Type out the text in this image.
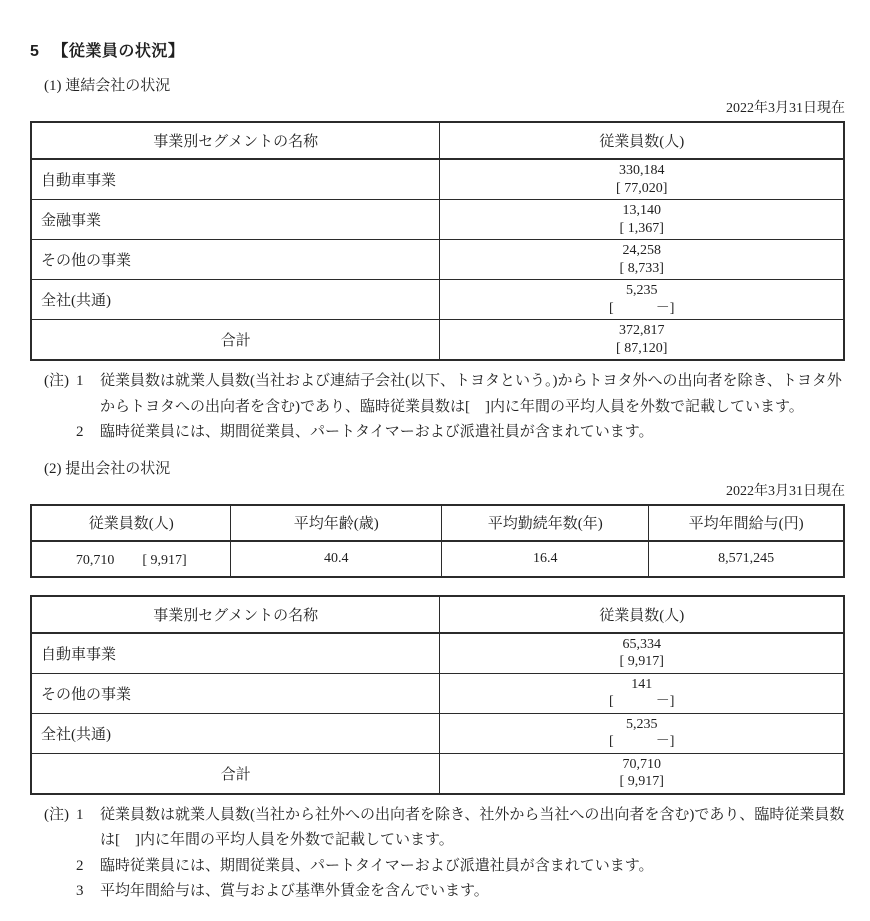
5 【従業員の状況】
(1) 連結会社の状況
2022年3月31日現在
事業別セグメントの名称	従業員数(人)
自動車事業	330,184
[ 77,020]

金融事業	13,140
[ 1,367]

その他の事業	24,258
[ 8,733]

全社(共通)	5,235
[　　　－]

合計	372,817
[ 87,120]
(注) 1	従業員数は就業人員数(当社および連結子会社(以下、トヨタという。)からトヨタ外への出向者を除き、トヨタ外からトヨタへの出向者を含む)であり、臨時従業員数は[　]内に年間の平均人員を外数で記載しています。
2	臨時従業員には、期間従業員、パートタイマーおよび派遣社員が含まれています。
(2) 提出会社の状況
2022年3月31日現在
従業員数(人)	平均年齢(歳)	平均勤続年数(年)	平均年間給与(円)
70,710　　[ 9,917]	40.4	16.4	8,571,245
事業別セグメントの名称	従業員数(人)
自動車事業	65,334
[ 9,917]

その他の事業	141
[　　　－]

全社(共通)	5,235
[　　　－]

合計	70,710
[ 9,917]
(注) 1	従業員数は就業人員数(当社から社外への出向者を除き、社外から当社への出向者を含む)であり、臨時従業員数は[　]内に年間の平均人員を外数で記載しています。
2	臨時従業員には、期間従業員、パートタイマーおよび派遣社員が含まれています。
3	平均年間給与は、賞与および基準外賃金を含んでいます。
